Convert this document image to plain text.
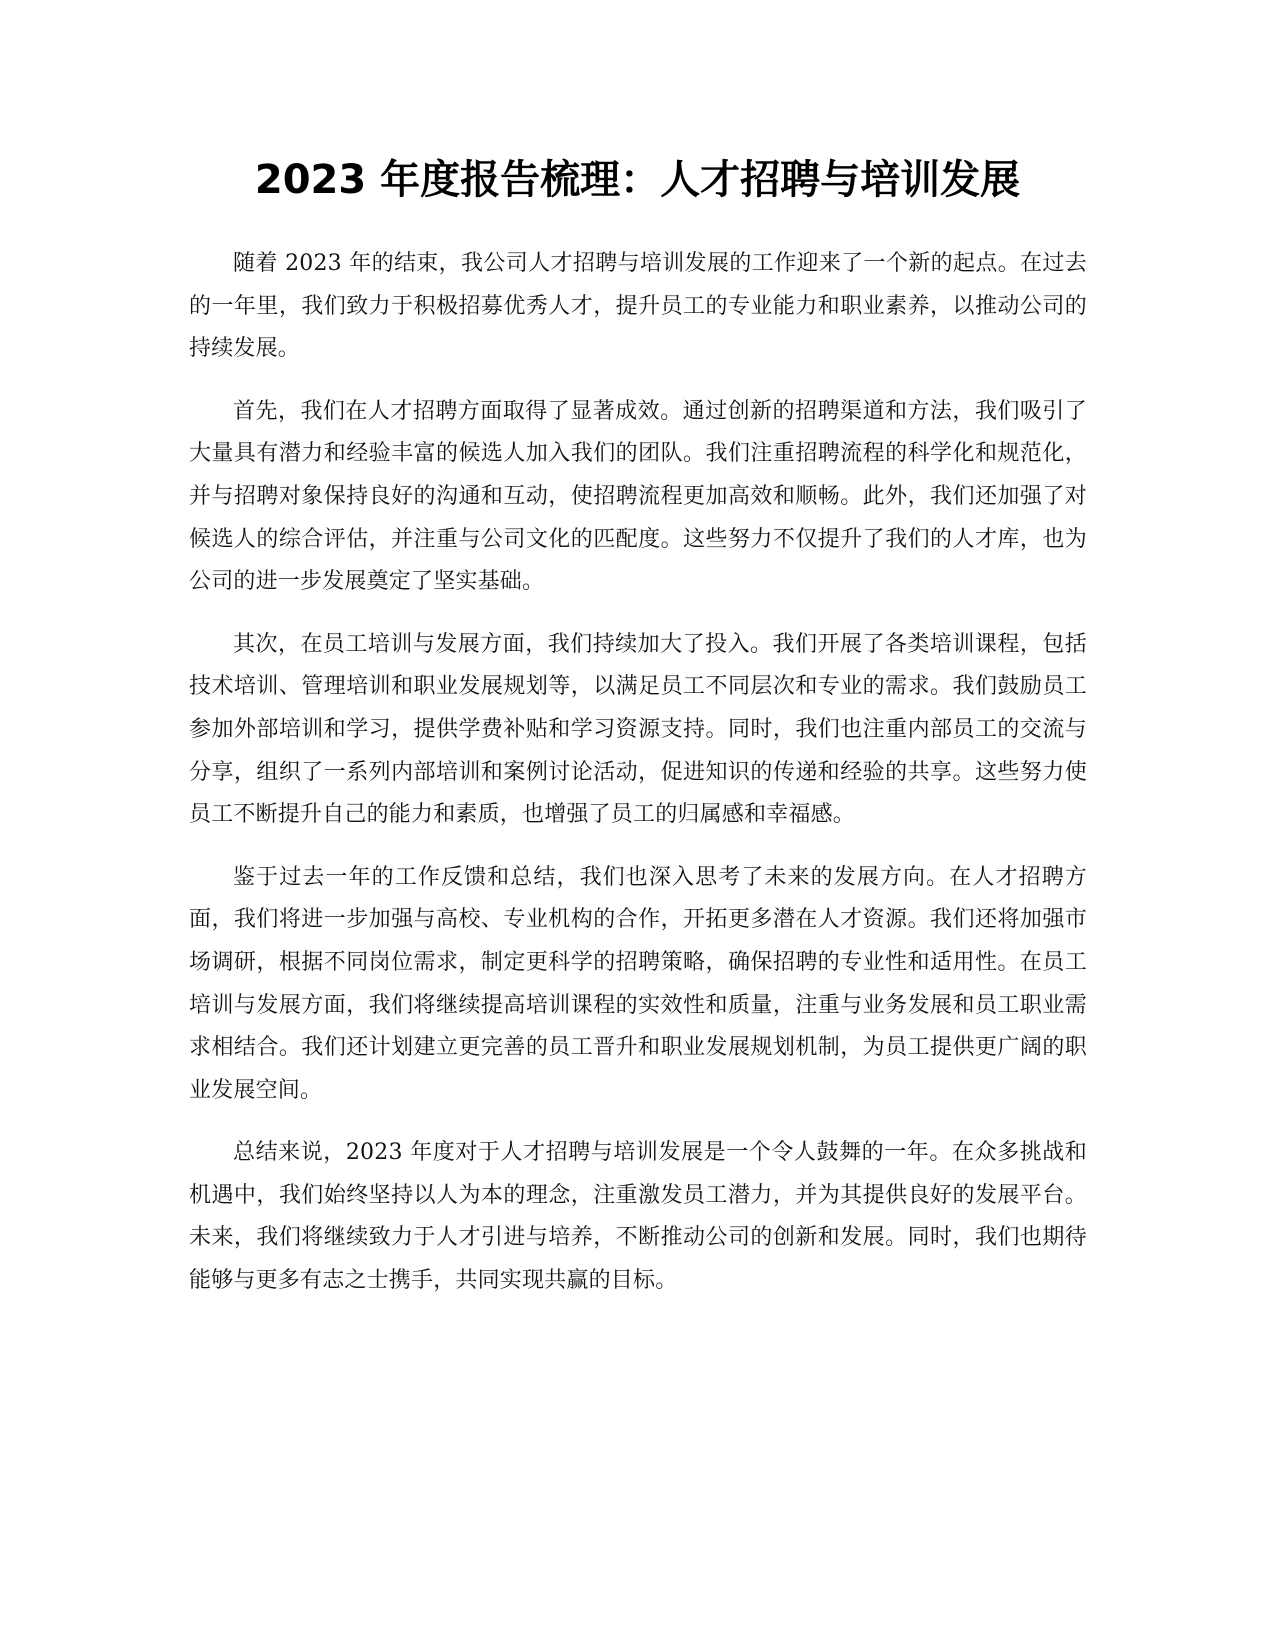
2023 年度报告梳理：人才招聘与培训发展

随着 2023 年的结束，我公司人才招聘与培训发展的工作迎来了一个新的起点。在过去的一年里，我们致力于积极招募优秀人才，提升员工的专业能力和职业素养，以推动公司的持续发展。

首先，我们在人才招聘方面取得了显著成效。通过创新的招聘渠道和方法，我们吸引了大量具有潜力和经验丰富的候选人加入我们的团队。我们注重招聘流程的科学化和规范化，并与招聘对象保持良好的沟通和互动，使招聘流程更加高效和顺畅。此外，我们还加强了对候选人的综合评估，并注重与公司文化的匹配度。这些努力不仅提升了我们的人才库，也为公司的进一步发展奠定了坚实基础。

其次，在员工培训与发展方面，我们持续加大了投入。我们开展了各类培训课程，包括技术培训、管理培训和职业发展规划等，以满足员工不同层次和专业的需求。我们鼓励员工参加外部培训和学习，提供学费补贴和学习资源支持。同时，我们也注重内部员工的交流与分享，组织了一系列内部培训和案例讨论活动，促进知识的传递和经验的共享。这些努力使员工不断提升自己的能力和素质，也增强了员工的归属感和幸福感。

鉴于过去一年的工作反馈和总结，我们也深入思考了未来的发展方向。在人才招聘方面，我们将进一步加强与高校、专业机构的合作，开拓更多潜在人才资源。我们还将加强市场调研，根据不同岗位需求，制定更科学的招聘策略，确保招聘的专业性和适用性。在员工培训与发展方面，我们将继续提高培训课程的实效性和质量，注重与业务发展和员工职业需求相结合。我们还计划建立更完善的员工晋升和职业发展规划机制，为员工提供更广阔的职业发展空间。

总结来说，2023 年度对于人才招聘与培训发展是一个令人鼓舞的一年。在众多挑战和机遇中，我们始终坚持以人为本的理念，注重激发员工潜力，并为其提供良好的发展平台。未来，我们将继续致力于人才引进与培养，不断推动公司的创新和发展。同时，我们也期待能够与更多有志之士携手，共同实现共赢的目标。
